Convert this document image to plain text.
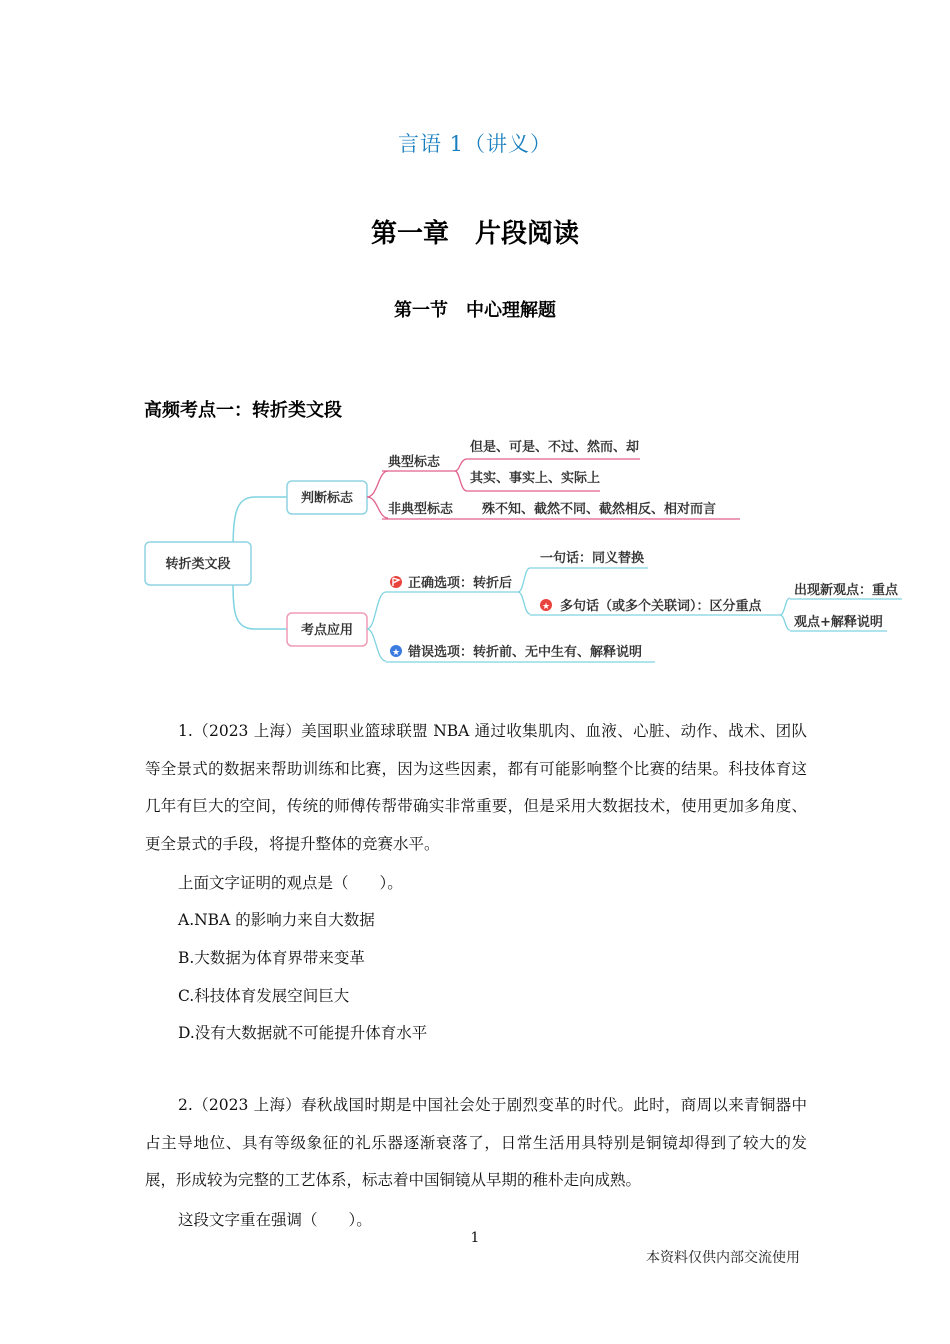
言语 1（讲义）
第一章　片段阅读
第一节　中心理解题
高频考点一：转折类文段
转折类文段
判断标志
典型标志
但是、可是、不过、然而、却
其实、事实上、实际上
非典型标志 殊不知、截然不同、截然相反、相对而言
考点应用
正确选项：转折后
一句话：同义替换
★ 多句话（或多个关联词）：区分重点
出现新观点：重点
观点+解释说明
★ 错误选项：转折前、无中生有、解释说明

1.（2023 上海）美国职业篮球联盟 NBA 通过收集肌肉、血液、心脏、动作、战术、团队等全景式的数据来帮助训练和比赛，因为这些因素，都有可能影响整个比赛的结果。科技体育这几年有巨大的空间，传统的师傅传帮带确实非常重要，但是采用大数据技术，使用更加多角度、更全景式的手段，将提升整体的竞赛水平。

上面文字证明的观点是（　　）。
A.NBA 的影响力来自大数据
B.大数据为体育界带来变革
C.科技体育发展空间巨大
D.没有大数据就不可能提升体育水平

2.（2023 上海）春秋战国时期是中国社会处于剧烈变革的时代。此时，商周以来青铜器中占主导地位、具有等级象征的礼乐器逐渐衰落了，日常生活用具特别是铜镜却得到了较大的发展，形成较为完整的工艺体系，标志着中国铜镜从早期的稚朴走向成熟。

这段文字重在强调（　　）。
1
本资料仅供内部交流使用
